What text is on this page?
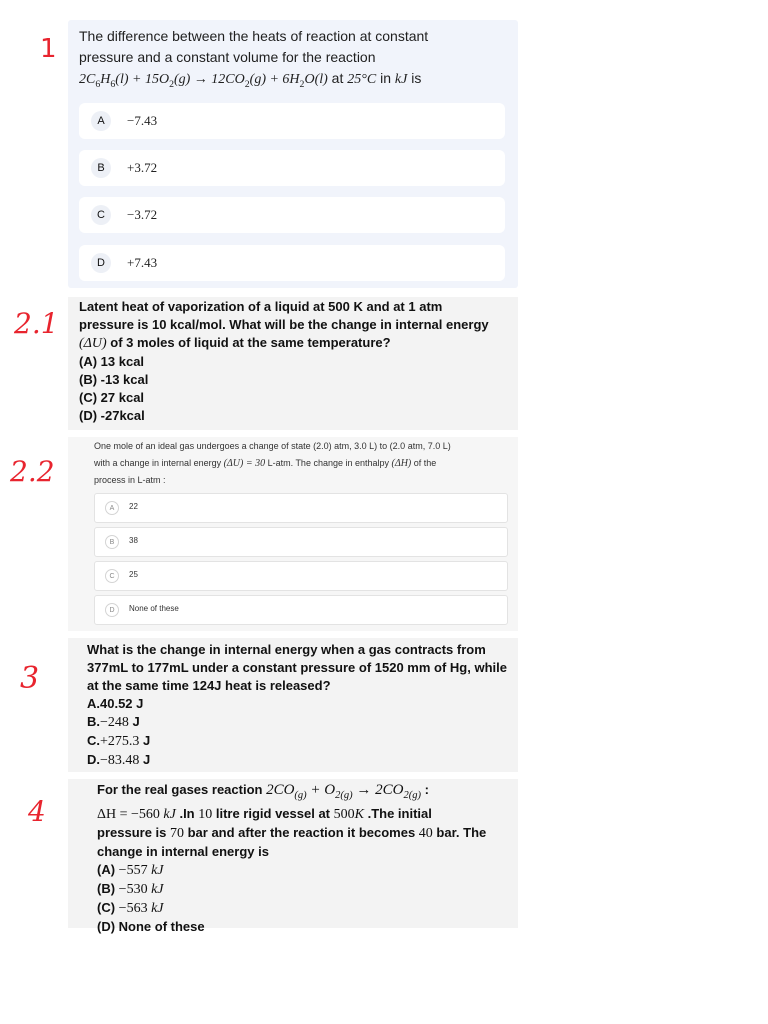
1
2.1
2.2
3
4
The difference between the heats of reaction at constant
pressure and a constant volume for the reaction
$2C_6H_6(l) + 15O_2(g) \to 12CO_2(g) + 6H_2O(l)$ at 25°C in kJ is
A	−7.43
B	+3.72
C	−3.72
D	+7.43
Latent heat of vaporization of a liquid at 500 K and at 1 atm
pressure is 10 kcal/mol. What will be the change in internal energy
(ΔU) of 3 moles of liquid at the same temperature?
(A) 13 kcal
(B) -13 kcal
(C) 27 kcal
(D) -27kcal
One mole of an ideal gas undergoes a change of state (2.0) atm, 3.0 L) to (2.0 atm, 7.0 L)
with a change in internal energy (ΔU) = 30 L-atm. The change in enthalpy (ΔH) of the
process in L-atm :
A	22
B	38
C	25
D	None of these
What is the change in internal energy when a gas contracts from
377mL to 177mL under a constant pressure of 1520 mm of Hg, while
at the same time 124J heat is released?
A.40.52 J
B.−248 J
C.+275.3 J
D.−83.48 J
For the real gases reaction $2CO_{(g)} + O_{2(g)} \to 2CO_{2(g)}$ :
ΔH = −560 kJ .In 10 litre rigid vessel at 500K .The initial
pressure is 70 bar and after the reaction it becomes 40 bar. The
change in internal energy is
(A) −557 kJ
(B) −530 kJ
(C) −563 kJ
(D) None of these
